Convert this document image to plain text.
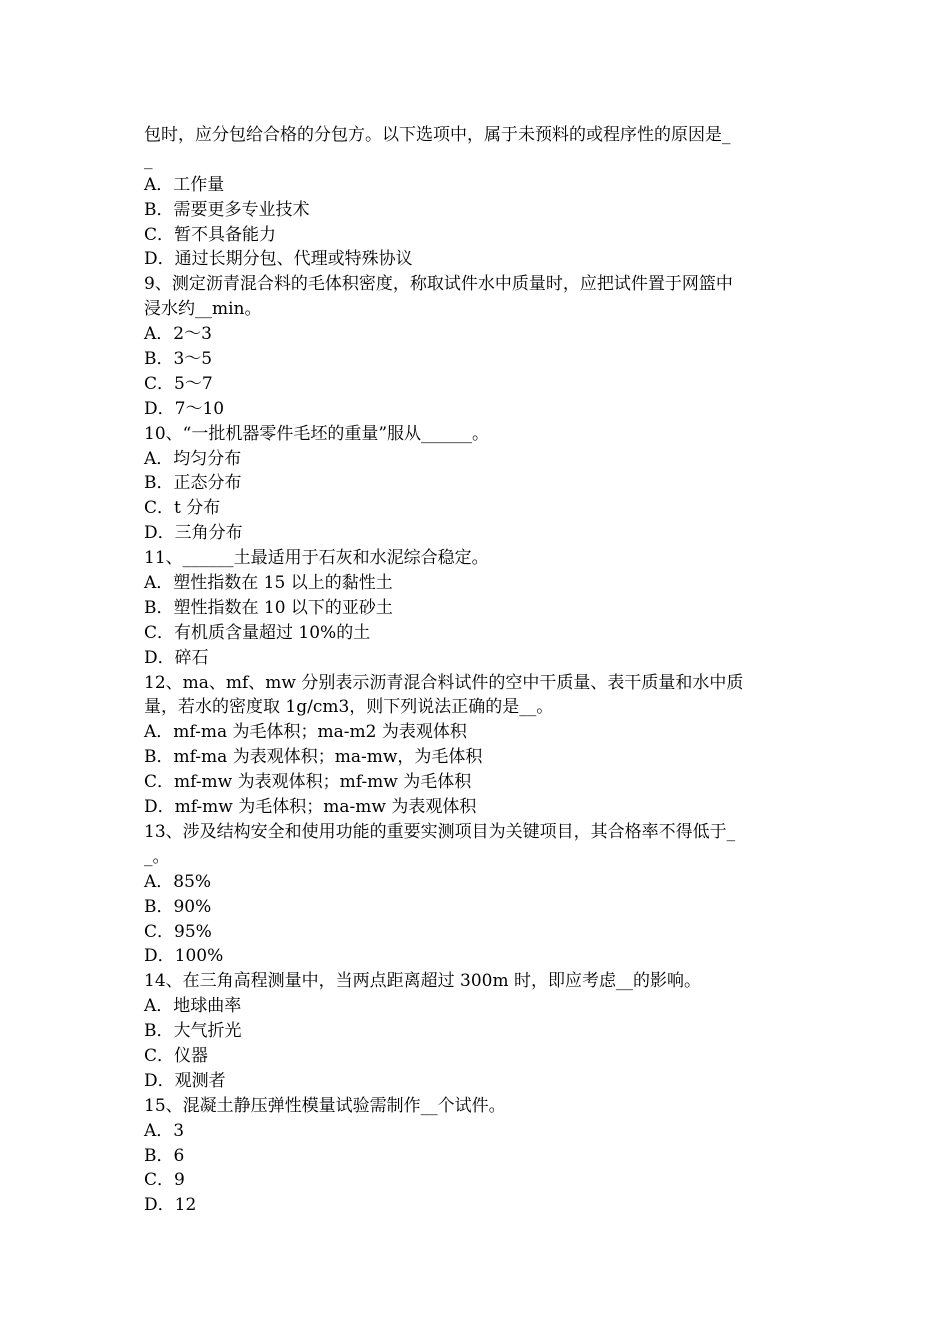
包时，应分包给合格的分包方。以下选项中，属于未预料的或程序性的原因是_
_
A．工作量
B．需要更多专业技术
C．暂不具备能力
D．通过长期分包、代理或特殊协议
9、测定沥青混合料的毛体积密度，称取试件水中质量时，应把试件置于网篮中
浸水约__min。
A．2～3
B．3～5
C．5～7
D．7～10
10、“一批机器零件毛坯的重量”服从______。
A．均匀分布
B．正态分布
C．t 分布
D．三角分布
11、______土最适用于石灰和水泥综合稳定。
A．塑性指数在 15 以上的黏性土
B．塑性指数在 10 以下的亚砂土
C．有机质含量超过 10%的土
D．碎石
12、ma、mf、mw 分别表示沥青混合料试件的空中干质量、表干质量和水中质
量，若水的密度取 1g/cm3，则下列说法正确的是__。
A．mf-ma 为毛体积；ma-m2 为表观体积
B．mf-ma 为表观体积；ma-mw，为毛体积
C．mf-mw 为表观体积；mf-mw 为毛体积
D．mf-mw 为毛体积；ma-mw 为表观体积
13、涉及结构安全和使用功能的重要实测项目为关键项目，其合格率不得低于_
_。
A．85%
B．90%
C．95%
D．100%
14、在三角高程测量中，当两点距离超过 300m 时，即应考虑__的影响。
A．地球曲率
B．大气折光
C．仪器
D．观测者
15、混凝土静压弹性模量试验需制作__个试件。
A．3
B．6
C．9
D．12
